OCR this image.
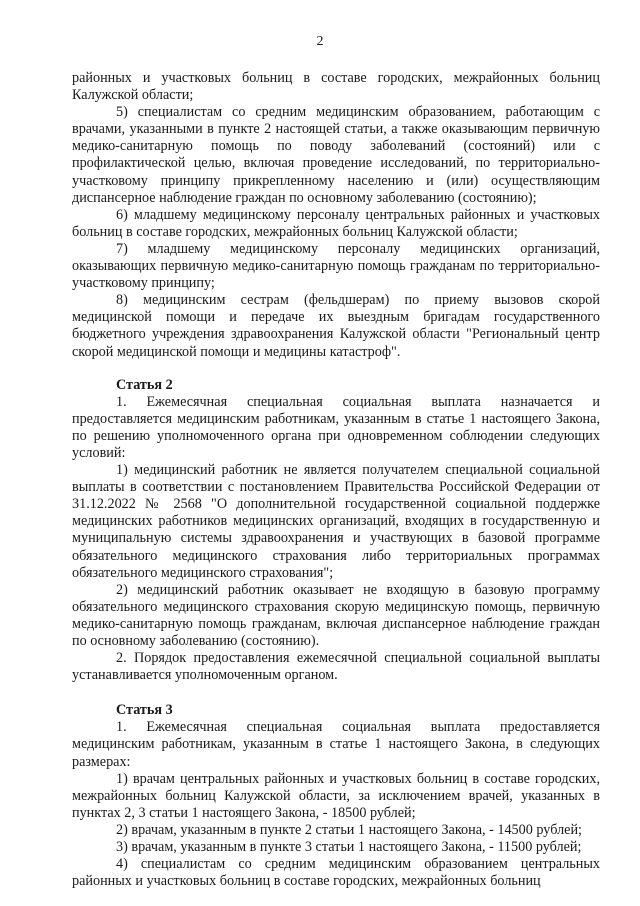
2

районных и участковых больниц в составе городских, межрайонных больниц Калужской области;

5) специалистам со средним медицинским образованием, работающим с врачами, указанными в пункте 2 настоящей статьи, а также оказывающим первичную медико-санитарную помощь по поводу заболеваний (состояний) или с профилактической целью, включая проведение исследований, по территориально-участковому принципу прикрепленному населению и (или) осуществляющим диспансерное наблюдение граждан по основному заболеванию (состоянию);

6) младшему медицинскому персоналу центральных районных и участковых больниц в составе городских, межрайонных больниц Калужской области;

7) младшему медицинскому персоналу медицинских организаций, оказывающих первичную медико-санитарную помощь гражданам по территориально-участковому принципу;

8) медицинским сестрам (фельдшерам) по приему вызовов скорой медицинской помощи и передаче их выездным бригадам государственного бюджетного учреждения здравоохранения Калужской области "Региональный центр скорой медицинской помощи и медицины катастроф".

Статья 2

1. Ежемесячная специальная социальная выплата назначается и предоставляется медицинским работникам, указанным в статье 1 настоящего Закона, по решению уполномоченного органа при одновременном соблюдении следующих условий:

1) медицинский работник не является получателем специальной социальной выплаты в соответствии с постановлением Правительства Российской Федерации от 31.12.2022 № 2568 "О дополнительной государственной социальной поддержке медицинских работников медицинских организаций, входящих в государственную и муниципальную системы здравоохранения и участвующих в базовой программе обязательного медицинского страхования либо территориальных программах обязательного медицинского страхования";

2) медицинский работник оказывает не входящую в базовую программу обязательного медицинского страхования скорую медицинскую помощь, первичную медико-санитарную помощь гражданам, включая диспансерное наблюдение граждан по основному заболеванию (состоянию).

2. Порядок предоставления ежемесячной специальной социальной выплаты устанавливается уполномоченным органом.

Статья 3

1. Ежемесячная специальная социальная выплата предоставляется медицинским работникам, указанным в статье 1 настоящего Закона, в следующих размерах:

1) врачам центральных районных и участковых больниц в составе городских, межрайонных больниц Калужской области, за исключением врачей, указанных в пунктах 2, 3 статьи 1 настоящего Закона, - 18500 рублей;

2) врачам, указанным в пункте 2 статьи 1 настоящего Закона, - 14500 рублей;

3) врачам, указанным в пункте 3 статьи 1 настоящего Закона, - 11500 рублей;

4) специалистам со средним медицинским образованием центральных районных и участковых больниц в составе городских, межрайонных больниц
